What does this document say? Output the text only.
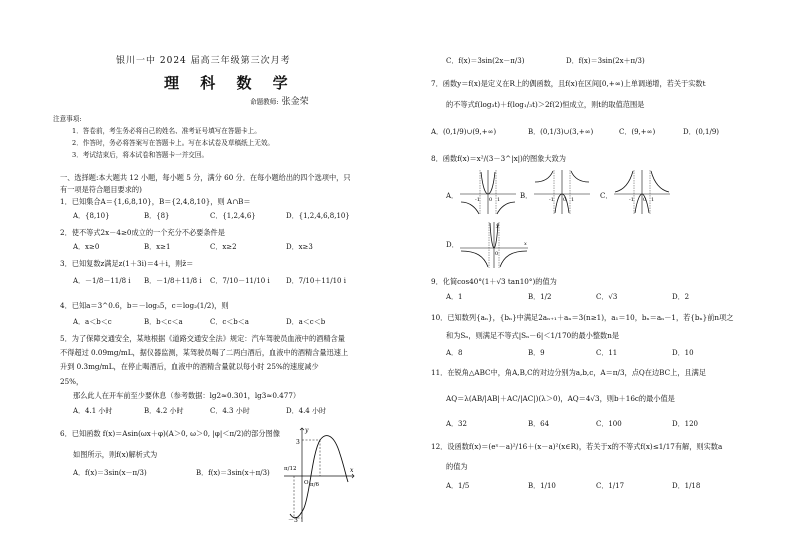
银川一中 2024 届高三年级第三次月考
理 科 数 学
命题教师: 张金荣
注意事项:
1．答卷前，考生务必将自己的姓名、准考证号填写在答题卡上。
2．作答时，务必将答案写在答题卡上。写在本试卷及草稿纸上无效。
3．考试结束后，将本试卷和答题卡一并交回。
一、选择题:本大题共 12 小题，每小题 5 分，满分 60 分．在每小题给出的四个选项中，只
有一项是符合题目要求的)
1．已知集合A＝{1,6,8,10}，B＝{2,4,8,10}，则 A∩B＝
A．{8,10}	B．{8}	C．{1,2,4,6}	D．{1,2,4,6,8,10}
2．使不等式2x－4≥0成立的一个充分不必要条件是
A．x≥0	B．x≥1	C．x≥2	D．x≥3
3．已知复数z满足z(1＋3i)＝4＋i，则z̄＝
A．－1/8－11/8 i B．－1/8＋11/8 i C．7/10－11/10 i D．7/10＋11/10 i
4．已知a＝3^0.6，b＝－log₃5，c＝log₂(1/2)，则
A．a＜b＜c	B．b＜c＜a	C．c＜b＜a	D．a＜c＜b
5．为了保障交通安全，某地根据《道路交通安全法》规定：汽车驾驶员血液中的酒精含量
不得超过 0.09mg/mL，据仪器监测，某驾驶员喝了二两白酒后，血液中的酒精含量迅速上
升到 0.3mg/mL，在停止喝酒后，血液中的酒精含量就以每小时 25%的速度减少
25%，
那么此人在开车前至少要休息（参考数据：lg2≈0.301，lg3≈0.477）
A．4.1 小时	B．4.2 小时	C．4.3 小时	D．4.4 小时
6．已知函数 f(x)＝Asin(ωx＋φ)(A＞0, ω＞0, |φ|＜π/2)的部分图像
如图所示，则f(x)解析式为
A．f(x)＝3sin(x－π/3)	B．f(x)＝3sin(x＋π/3)
3
－3
π/12
π/6
O
x
y
C．f(x)＝3sin(2x－π/3)	D．f(x)＝3sin(2x＋π/3)
7．函数y＝f(x)是定义在R上的偶函数，且f(x)在区间[0,+∞)上单调递增，若关于实数t
的不等式f(log₃t)＋f(log₁/₃t)＞2f(2)恒成立，则t的取值范围是
A．(0,1/9)∪(9,+∞)	B．(0,1/3)∪(3,+∞)	C．(9,+∞)	D．(0,1/9)
8．函数f(x)＝x²/(3－3^|x|)的图象大致为
A．	-1 0 1	B．	-1 0 1	C．	-1 0 1
D．	x
y
0
9．化简cos40°(1＋√3 tan10°)的值为
A．1	B．1/2	C．√3	D．2
10．已知数列{aₙ}，{bₙ}中满足2aₙ₊₁＋aₙ＝3(n≥1)，a₁＝10，bₙ＝aₙ－1，若{bₙ}前n项之
和为Sₙ，则满足不等式|Sₙ－6|＜1/170的最小整数n是
A．8	B．9	C．11	D．10
11．在锐角△ABC中，角A,B,C的对边分别为a,b,c，A＝π/3，点Q在边BC上，且满足
AQ＝λ(AB/|AB|＋AC/|AC|)(λ＞0)，AQ＝4√3，则b＋16c的最小值是
A．32	B．64	C．100	D．120
12．设函数f(x)＝(eˣ－a)²/16＋(x－a)²(x∈R)，若关于x的不等式f(x)≤1/17有解，则实数a
的值为
A．1/5	B．1/10	C．1/17	D．1/18
